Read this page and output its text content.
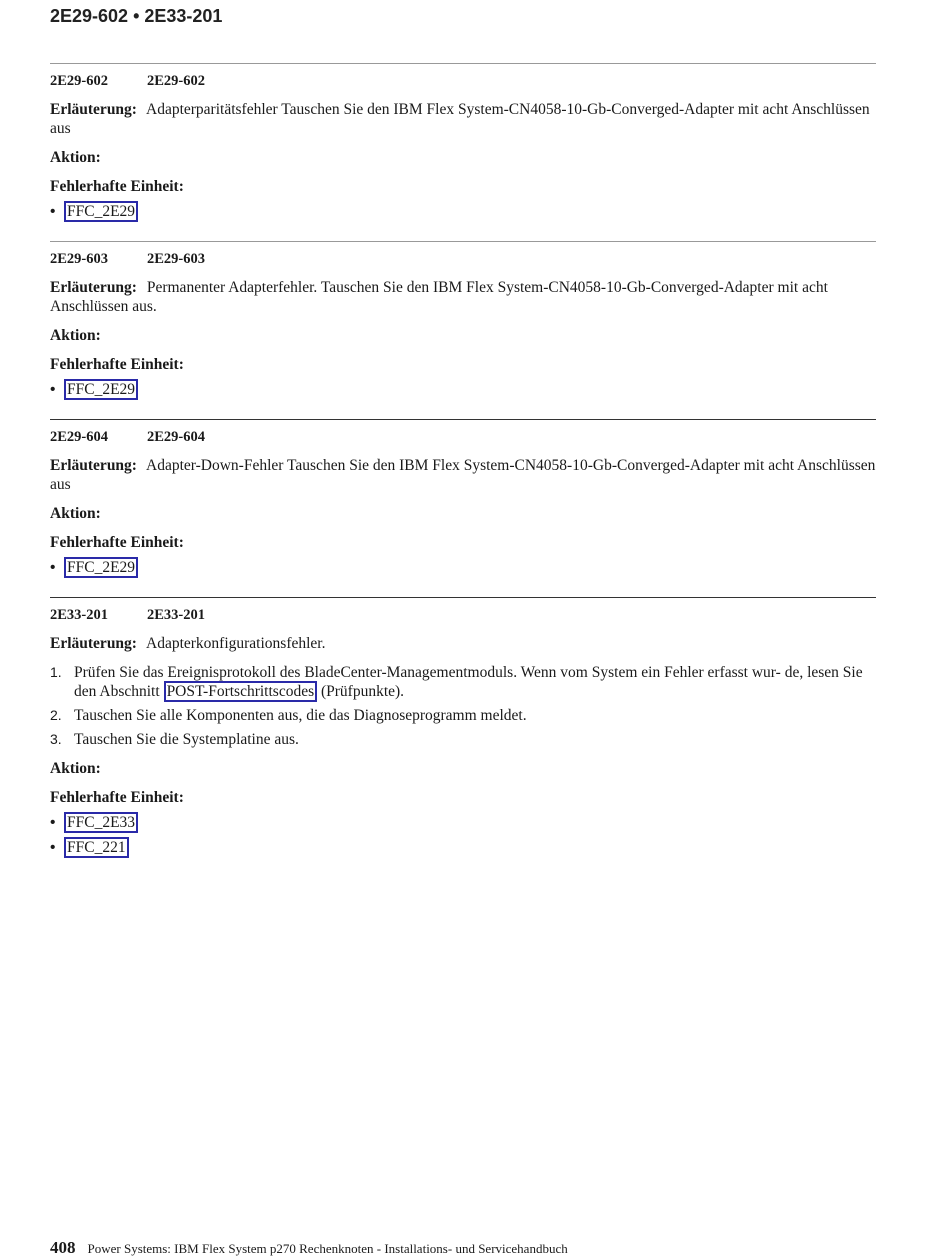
2E29-602 • 2E33-201
2E29-602	2E29-602

Erläuterung: Adapterparitätsfehler Tauschen Sie den IBM Flex System-CN4058-10-Gb-Converged-Adapter mit acht Anschlüssen aus

Aktion:

Fehlerhafte Einheit:

• FFC_2E29
2E29-603	2E29-603

Erläuterung: Permanenter Adapterfehler. Tauschen Sie den IBM Flex System-CN4058-10-Gb-Converged-Adapter mit acht Anschlüssen aus.

Aktion:

Fehlerhafte Einheit:

• FFC_2E29
2E29-604	2E29-604

Erläuterung: Adapter-Down-Fehler Tauschen Sie den IBM Flex System-CN4058-10-Gb-Converged-Adapter mit acht Anschlüssen aus

Aktion:

Fehlerhafte Einheit:

• FFC_2E29
2E33-201	2E33-201

Erläuterung: Adapterkonfigurationsfehler.

1. Prüfen Sie das Ereignisprotokoll des BladeCenter-Managementmoduls. Wenn vom System ein Fehler erfasst wur- de, lesen Sie den Abschnitt POST-Fortschrittscodes (Prüfpunkte).
2. Tauschen Sie alle Komponenten aus, die das Diagnoseprogramm meldet.
3. Tauschen Sie die Systemplatine aus.

Aktion:

Fehlerhafte Einheit:

• FFC_2E33
• FFC_221
408 Power Systems: IBM Flex System p270 Rechenknoten - Installations- und Servicehandbuch
